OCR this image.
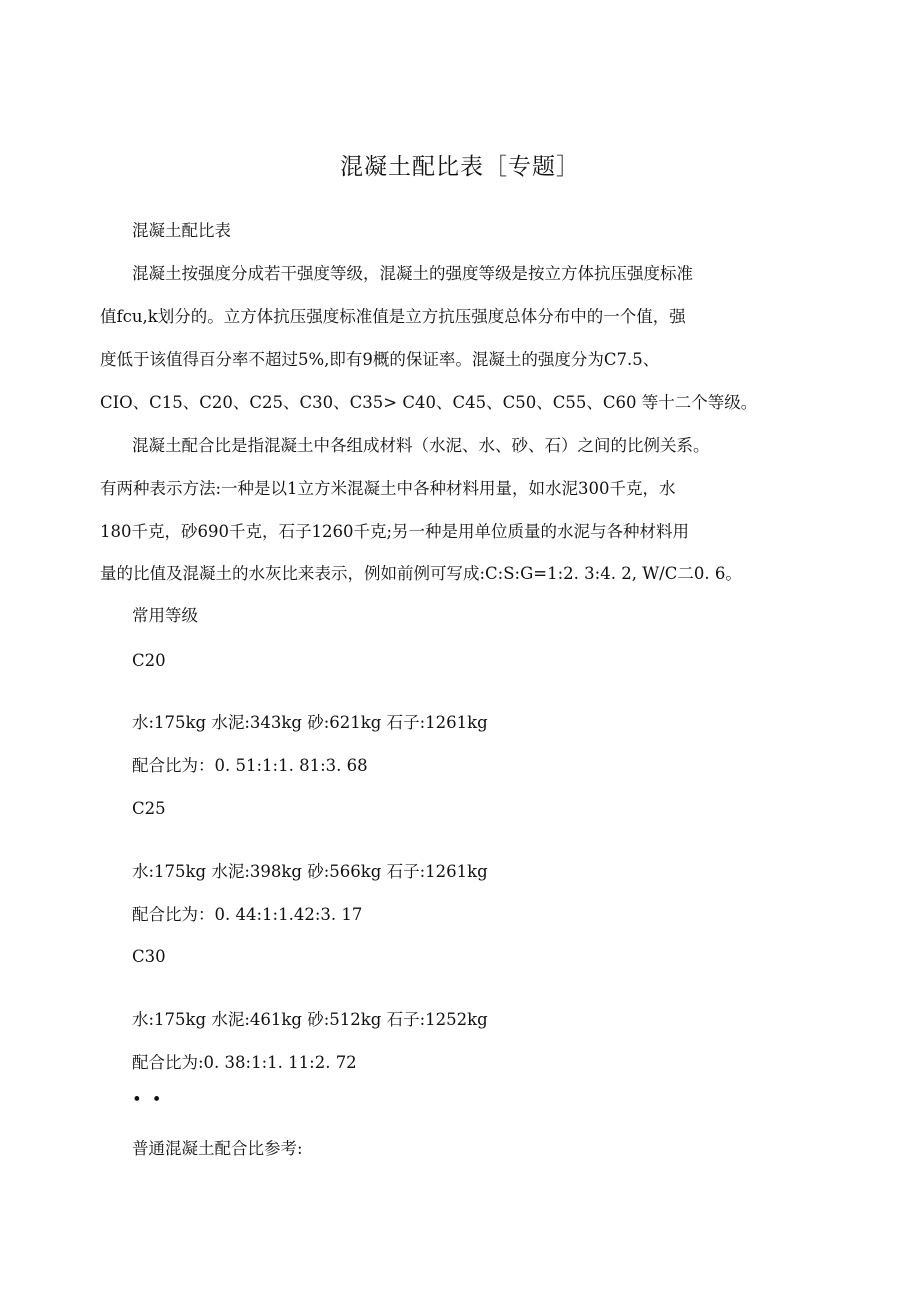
混凝土配比表［专题］
混凝土配比表
混凝土按强度分成若干强度等级，混凝土的强度等级是按立方体抗压强度标准
值fcu,k划分的。立方体抗压强度标准值是立方抗压强度总体分布中的一个值，强
度低于该值得百分率不超过5%,即有9概的保证率。混凝土的强度分为C7.5、
CIO、C15、C20、C25、C30、C35> C40、C45、C50、C55、C60 等十二个等级。
混凝土配合比是指混凝土中各组成材料（水泥、水、砂、石）之间的比例关系。
有两种表示方法:一种是以1立方米混凝土中各种材料用量，如水泥300千克，水
180千克，砂690千克，石子1260千克;另一种是用单位质量的水泥与各种材料用
量的比值及混凝土的水灰比来表示，例如前例可写成:C:S:G=1:2. 3:4. 2, W/C二0. 6。
常用等级
C20
水:175kg 水泥:343kg 砂:621kg 石子:1261kg
配合比为：0. 51:1:1. 81:3. 68
C25
水:175kg 水泥:398kg 砂:566kg 石子:1261kg
配合比为：0. 44:1:1.42:3. 17
C30
水:175kg 水泥:461kg 砂:512kg 石子:1252kg
配合比为:0. 38:1:1. 11:2. 72
••
普通混凝土配合比参考:
